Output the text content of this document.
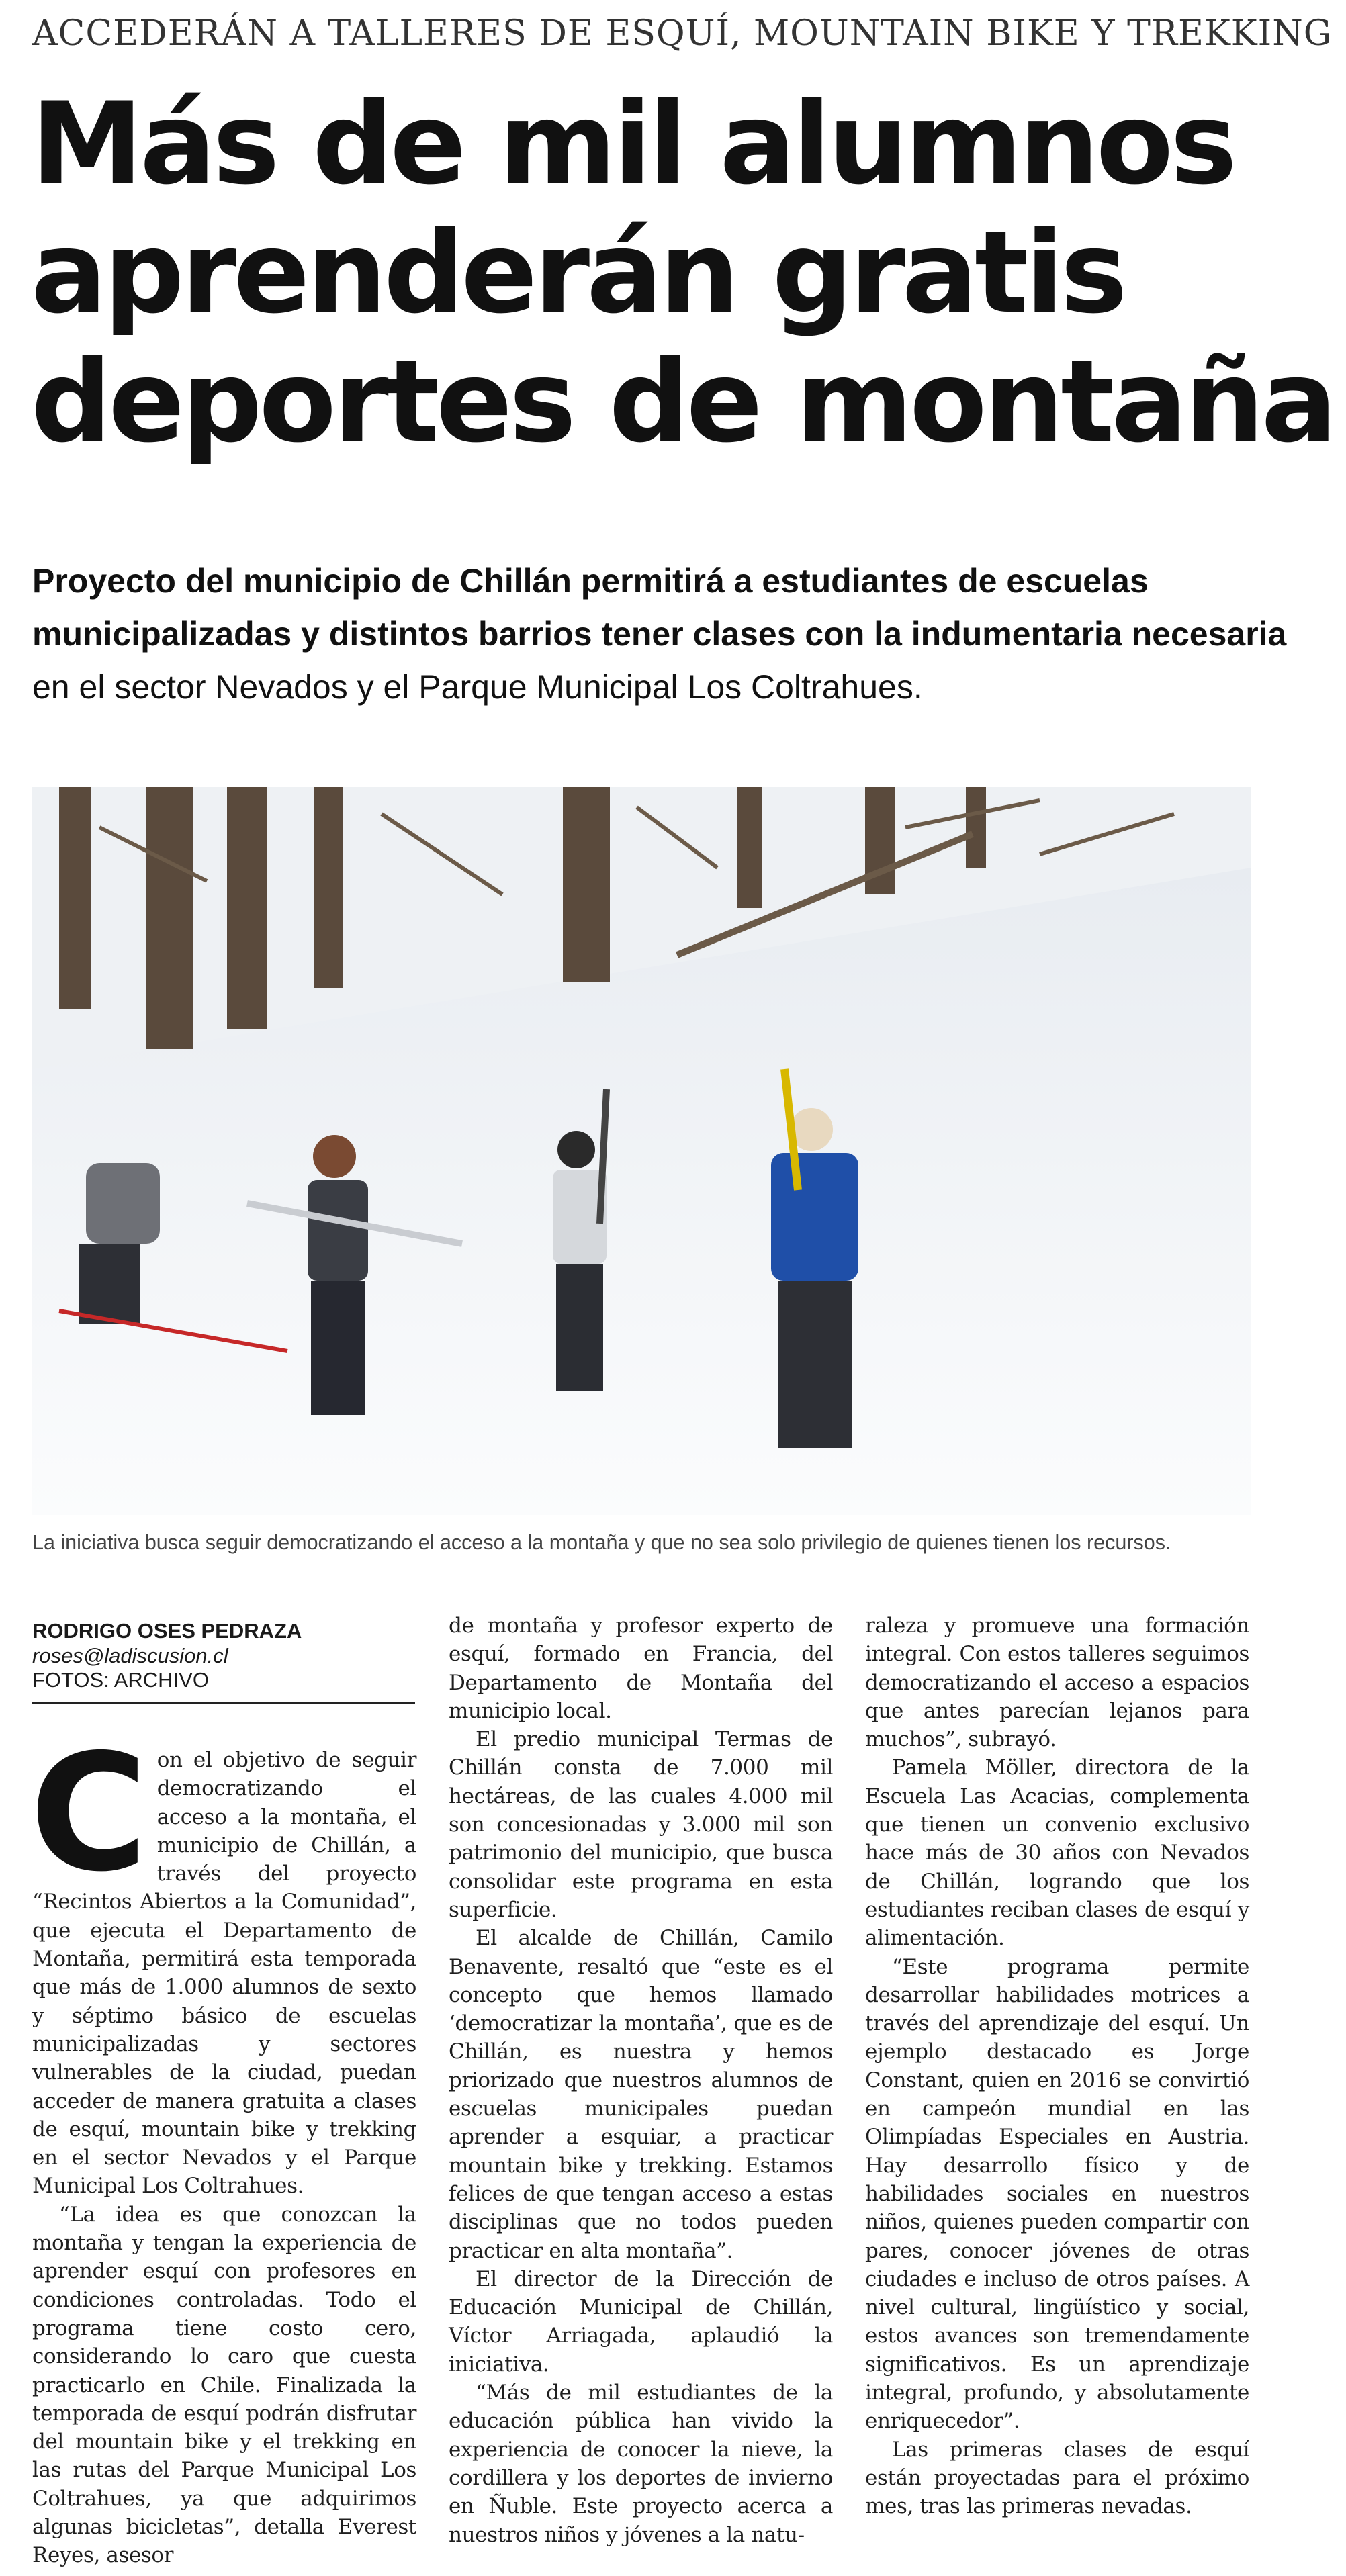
ACCEDERÁN A TALLERES DE ESQUÍ, MOUNTAIN BIKE Y TREKKING
Más de mil alumnos
aprenderán gratis
deportes de montaña
Proyecto del municipio de Chillán permitirá a estudiantes de escuelas municipalizadas y distintos barrios tener clases con la indumentaria necesaria en el sector Nevados y el Parque Municipal Los Coltrahues.
La iniciativa busca seguir democratizando el acceso a la montaña y que no sea solo privilegio de quienes tienen los recursos.
RODRIGO OSES PEDRAZA
roses@ladiscusion.cl
FOTOS: ARCHIVO

Con el objetivo de seguir democratizando el acceso a la montaña, el municipio de Chillán, a través del proyecto “Recintos Abiertos a la Comunidad”, que ejecuta el Departamento de Montaña, permitirá esta temporada que más de 1.000 alumnos de sexto y séptimo básico de escuelas municipalizadas y sectores vulnerables de la ciudad, puedan acceder de manera gratuita a clases de esquí, mountain bike y trekking en el sector Nevados y el Parque Municipal Los Coltrahues.

“La idea es que conozcan la montaña y tengan la experiencia de aprender esquí con profesores en condiciones controladas. Todo el programa tiene costo cero, considerando lo caro que cuesta practicarlo en Chile. Finalizada la temporada de esquí podrán disfrutar del mountain bike y el trekking en las rutas del Parque Municipal Los Coltrahues, ya que adquirimos algunas bicicletas”, detalla Everest Reyes, asesor

de montaña y profesor experto de esquí, formado en Francia, del Departamento de Montaña del municipio local.

El predio municipal Termas de Chillán consta de 7.000 mil hectáreas, de las cuales 4.000 mil son concesionadas y 3.000 mil son patrimonio del municipio, que busca consolidar este programa en esta superficie.

El alcalde de Chillán, Camilo Benavente, resaltó que “este es el concepto que hemos llamado ‘democratizar la montaña’, que es de Chillán, es nuestra y hemos priorizado que nuestros alumnos de escuelas municipales puedan aprender a esquiar, a practicar mountain bike y trekking. Estamos felices de que tengan acceso a estas disciplinas que no todos pueden practicar en alta montaña”.

El director de la Dirección de Educación Municipal de Chillán, Víctor Arriagada, aplaudió la iniciativa.

“Más de mil estudiantes de la educación pública han vivido la experiencia de conocer la nieve, la cordillera y los deportes de invierno en Ñuble. Este proyecto acerca a nuestros niños y jóvenes a la natu-

raleza y promueve una formación integral. Con estos talleres seguimos democratizando el acceso a espacios que antes parecían lejanos para muchos”, subrayó.

Pamela Möller, directora de la Escuela Las Acacias, complementa que tienen un convenio exclusivo hace más de 30 años con Nevados de Chillán, logrando que los estudiantes reciban clases de esquí y alimentación.

“Este programa permite desarrollar habilidades motrices a través del aprendizaje del esquí. Un ejemplo destacado es Jorge Constant, quien en 2016 se convirtió en campeón mundial en las Olimpíadas Especiales en Austria. Hay desarrollo físico y de habilidades sociales en nuestros niños, quienes pueden compartir con pares, conocer jóvenes de otras ciudades e incluso de otros países. A nivel cultural, lingüístico y social, estos avances son tremendamente significativos. Es un aprendizaje integral, profundo, y absolutamente enriquecedor”.

Las primeras clases de esquí están proyectadas para el próximo mes, tras las primeras nevadas.
